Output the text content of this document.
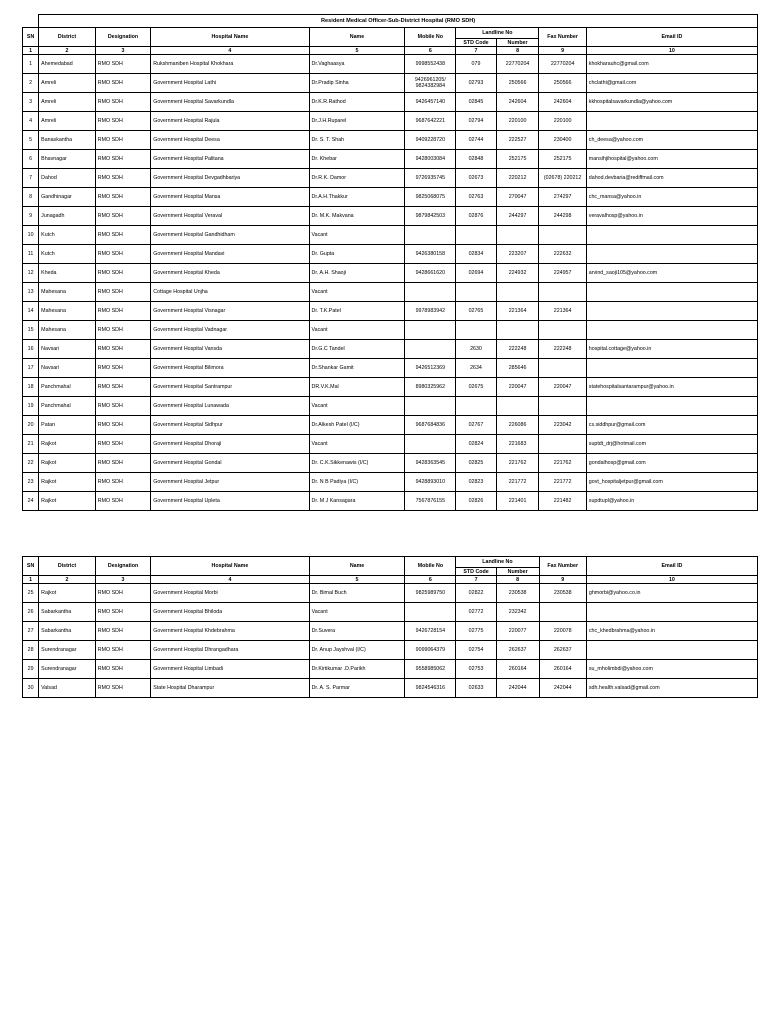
	Resident Medical Officer-Sub-District Hospital (RMO SDH)								
SN	District	Designation	Hospital Name	Name	Mobile No	Landline No		Fax Number	Email ID
						STD Code	Number		
1	2	3	4	5	6	7	8	9	10
1	Ahemedabad	RMO SDH	Rukshmaniben Hospital Khokhara	Dr.Vaghaasya	9998552438	079	22770204	22770204	khokharauhc@gmail.com
2	Amreli	RMO SDH	Government Hospital Lathi	Dr.Pradip Sinha	9426961205/ 9824382984	02793	250566	250566	chclathi@gmail.com
3	Amreli	RMO SDH	Government Hospital Savarkundla	Dr.K.R.Rathod	9426457140	02845	242604	242604	kkhospitalsavarkundla@yahoo.com
4	Amreli	RMO SDH	Government Hospital Rajula	Dr.J.H.Ruparel	9687642221	02794	220100	220100	
5	Banaskantha	RMO SDH	Government Hospital Deesa	Dr. S. T. Shah	9409228720	02744	222527	230400	ch_deesa@yahoo.com
6	Bhavnagar	RMO SDH	Government Hospital Palitana	Dr. Khebar	9428003084	02848	252175	252175	mansihjihospital@yahoo.com
7	Dahod	RMO SDH	Government Hospital Devgadhbariya	Dr.R.K. Damor	9726935745	02673	220212	(02678) 220212	dahod.devbaria@rediffmail.com
8	Gandhinagar	RMO SDH	Government Hospital Mansa	Dr.A.H.Thakkur	9825068075	02763	270047	274297	chc_mansa@yahoo.in
9	Junagadh	RMO SDH	Government Hospital Veraval	Dr. M.K. Makvana	9879842503	02876	244297	244298	veravalhosp@yahoo.in
10	Kutch	RMO SDH	Government Hospital Gandhidham	Vacant					
11	Kutch	RMO SDH	Government Hospital Mandavi	Dr. Gupta	9426380158	02834	223207	222632	
12	Kheda	RMO SDH	Government Hospital Kheda	Dr. A.H. Shaoji	9428661620	02694	224932	224957	arvind_saoji105@yahoo.com
13	Mahesana	RMO SDH	Cottage Hospital Unjha	Vacant					
14	Mahesana	RMO SDH	Government Hospital Visnagar	Dr. T.K.Patel	9978983942	02765	221364	221364	
15	Mahesana	RMO SDH	Government Hospital Vadnagar	Vacant					
16	Navsari	RMO SDH	Government Hospital Vansda	Dr.G.C Tandel		2630	222248	222248	hospital.cottage@yahoo.in
17	Navsari	RMO SDH	Government Hospital Bilimora	Dr.Shankar Gamit	9426512369	2634	285646		
18	Panchmahal	RMO SDH	Government Hospital Santrampur	DR.V.K.Mal	8980325962	02675	220047	220047	statehospitalsantarampur@yahoo.in
19	Panchmahal	RMO SDH	Government Hospital Lunawada	Vacant					
20	Patan	RMO SDH	Government Hospital Sidhpur	Dr.Alkesh Patel (I/C)	9687684836	02767	226086	223042	cs.siddhpur@gmail.com
21	Rajkot	RMO SDH	Government Hospital Dhoraji	Vacant		02824	221683		suptdt_drj@hotmail.com
22	Rajkot	RMO SDH	Government Hospital Gondal	Dr. C.K.Sikkenawis (I/C)	9428363545	02825	221762	221762	gondalhosp@gmail.com
23	Rajkot	RMO SDH	Government Hospital Jetpur	Dr. N B Padiya (I/C)	9428893010	02823	221772	221772	govt_hospitaljetpur@gmail.com
24	Rajkot	RMO SDH	Government Hospital Upleta	Dr. M J Kansagara	7567876155	02826	221401	221482	supdtupl@yahoo.in
SN	District	Designation	Hospital Name	Name	Mobile No	Landline No		Fax Number	Email ID
						STD Code	Number		
1	2	3	4	5	6	7	8	9	10
25	Rajkot	RMO SDH	Government Hospital Morbi	Dr. Bimal Buch	9825989750	02822	230538	230538	ghmorbi@yahoo.co.in
26	Sabarkantha	RMO SDH	Government Hospital Bhiloda	Vacant		02772	232342		
27	Sabarkantha	RMO SDH	Government Hospital Khdebrahma	Dr.Suvera	9426728154	02775	220077	220078	chc_khedbrahma@yahoo.in
28	Surendranagar	RMO SDH	Government Hospital Dhrangadhara	Dr. Anup Jayshval (I/C)	9099064379	02754	262637	262637	
29	Surendranagar	RMO SDH	Government Hospital Limbadi	Dr.Kirtikumar .D.Parikh	9558985062	02753	260164	260164	su_mholimbdi@yahoo.com
30	Valsad	RMO SDH	State Hospital Dharampur	Dr. A. S. Parmar	9824546316	02633	242044	242044	sdh.health.valsad@gmail.com
